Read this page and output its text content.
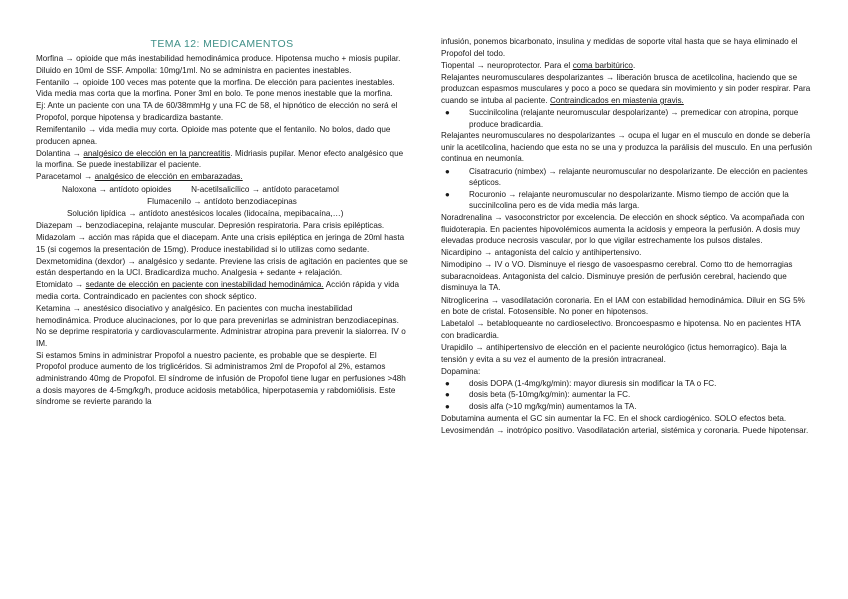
TEMA 12: MEDICAMENTOS
Morfina → opioide que más inestabilidad hemodinámica produce. Hipotensa mucho + miosis pupilar. Diluido en 10ml de SSF. Ampolla: 10mg/1ml. No se administra en pacientes inestables.
Fentanilo → opioide 100 veces mas potente que la morfina. De elección para pacientes inestables. Vida media mas corta que la morfina. Poner 3ml en bolo. Te pone menos inestable que la morfina.
Ej: Ante un paciente con una TA de 60/38mmHg y una FC de 58, el hipnótico de elección no será el Propofol, porque hipotensa y bradicardiza bastante.
Remifentanilo → vida media muy corta. Opioide mas potente que el fentanilo. No bolos, dado que producen apnea.
Dolantina → analgésico de elección en la pancreatitis. Midriasis pupilar. Menor efecto analgésico que la morfina. Se puede inestabilizar el paciente.
Paracetamol → analgésico de elección en embarazadas.
Naloxona → antídoto opioides        N-acetilsalicílico → antídoto paracetamol
Flumacenilo → antídoto benzodiacepinas
Solución lipídica → antídoto anestésicos locales (lidocaína, mepibacaína,…)
Diazepam → benzodiacepina, relajante muscular. Depresión respiratoria. Para crisis epilépticas.
Midazolam → acción mas rápida que el diacepam. Ante una crisis epiléptica en jeringa de 20ml hasta 15 (si cogemos la presentación de 15mg). Produce inestabilidad si lo utilizas como sedante.
Dexmetomidina (dexdor) → analgésico y sedante. Previene las crisis de agitación en pacientes que se están despertando en la UCI. Bradicardiza mucho. Analgesia + sedante + relajación.
Etomidato → sedante de elección en paciente con inestabilidad hemodinámica. Acción rápida y vida media corta. Contraindicado en pacientes con shock séptico.
Ketamina → anestésico disociativo y analgésico. En pacientes con mucha inestabilidad hemodinámica. Produce alucinaciones, por lo que para prevenirlas se administran benzodiacepinas. No se deprime respiratoria y cardiovascularmente. Administrar atropina para prevenir la sialorrea. IV o IM.
Si estamos 5mins in administrar Propofol a nuestro paciente, es probable que se despierte. El Propofol produce aumento de los triglicéridos. Si administramos 2ml de Propofol al 2%, estamos administrando 40mg de Propofol. El síndrome de infusión de Propofol tiene lugar en perfusiones >48h a dosis mayores de 4-5mg/kg/h, produce acidosis metabólica, hiperpotasemia y rabdomiólisis. Este síndrome se revierte parando la
infusión, ponemos bicarbonato, insulina y medidas de soporte vital hasta que se haya eliminado el Propofol del todo.
Tiopental → neuroprotector. Para el coma barbitúrico.
Relajantes neuromusculares despolarizantes → liberación brusca de acetilcolina, haciendo que se produzcan espasmos musculares y poco a poco se quedara sin movimiento y sin poder respirar. Para cuando se intuba al paciente. Contraindicados en miastenia gravis.
● Succinilcolina (relajante neuromuscular despolarizante) → premedicar con atropina, porque produce bradicardia.
Relajantes neuromusculares no despolarizantes → ocupa el lugar en el musculo en donde se debería unir la acetilcolina, haciendo que esta no se una y produzca la parálisis del musculo. En una perfusión continua en neumonía.
● Cisatracurio (nimbex) → relajante neuromuscular no despolarizante. De elección en pacientes sépticos.
● Rocuronio → relajante neuromuscular no despolarizante. Mismo tiempo de acción que la succinilcolina pero es de vida media más larga.
Noradrenalina → vasoconstrictor por excelencia. De elección en shock séptico. Va acompañada con fluidoterapia. En pacientes hipovolémicos aumenta la acidosis y empeora la perfusión. A dosis muy elevadas produce necrosis vascular, por lo que vigilar estrechamente los pulsos distales.
Nicardipino → antagonista del calcio y antihipertensivo.
Nimodipino → IV o VO. Disminuye el riesgo de vasoespasmo cerebral. Como tto de hemorragias subaracnoideas. Antagonista del calcio. Disminuye presión de perfusión cerebral, haciendo que disminuya la TA.
Nitroglicerina → vasodilatación coronaria. En el IAM con estabilidad hemodinámica. Diluir en SG 5% en bote de cristal. Fotosensible. No poner en hipotensos.
Labetalol → betabloqueante no cardioselectivo. Broncoespasmo e hipotensa. No en pacientes HTA con bradicardia.
Urapidilo → antihipertensivo de elección en el paciente neurológico (ictus hemorragico). Baja la tensión y evita a su vez el aumento de la presión intracraneal.
Dopamina:
● dosis DOPA (1-4mg/kg/min): mayor diuresis sin modificar la TA o FC.
● dosis beta (5-10mg/kg/min): aumentar la FC.
● dosis alfa (>10 mg/kg/min) aumentamos la TA.
Dobutamina aumenta el GC sin aumentar la FC. En el shock cardiogénico. SOLO efectos beta.
Levosimendán → inotrópico positivo. Vasodilatación arterial, sistémica y coronaria. Puede hipotensar.
